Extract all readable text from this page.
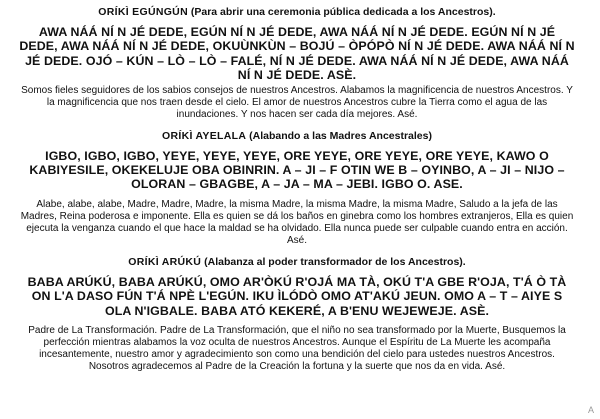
ORÍKÌ EGÚNGÚN (Para abrir una ceremonia pública dedicada a los Ancestros).
AWA NÁÁ NÍ N JÉ DEDE, EGÚN NÍ N JÉ DEDE, AWA NÁÁ NÍ N JÉ DEDE. EGÚN NÍ N JÉ DEDE, AWA NÁÁ NÍ N JÉ DEDE, OKUÙNKÙN – BOJÚ – ÒPÓPÒ NÍ N JÉ DEDE. AWA NÁÁ NÍ N JÉ DEDE. OJÓ – KÚN – LÒ – LÒ – FALÉ, NÍ N JÉ DEDE. AWA NÁÁ NÍ N JÉ DEDE, AWA NÁÁ NÍ N JÉ DEDE. ASÈ.
Somos fieles seguidores de los sabios consejos de nuestros Ancestros. Alabamos la magnificencia de nuestros Ancestros. Y la magnificencia que nos traen desde el cielo. El amor de nuestros Ancestros cubre la Tierra como el agua de las inundaciones. Y nos hacen ser cada día mejores. Asé.
ORÍKÌ AYELALA (Alabando a las Madres Ancestrales)
IGBO, IGBO, IGBO, YEYE, YEYE, YEYE, ORE YEYE, ORE YEYE, ORE YEYE, KAWO O KABIYESILE, OKEKELUJE OBA OBINRIN. A – JI – F OTIN WE B – OYINBO, A – JI – NIJO – OLORAN – GBAGBE, A – JA – MA – JEBI. IGBO O. ASE.
Alabe, alabe, alabe, Madre, Madre, Madre, la misma Madre, la misma Madre, la misma Madre, Saludo a la jefa de las Madres, Reina poderosa e imponente. Ella es quien se dá los baños en ginebra como los hombres extranjeros, Ella es quien ejecuta la venganza cuando el que hace la maldad se ha olvidado. Ella nunca puede ser culpable cuando entra en acción. Asé.
ORÍKÌ ARÚKÚ (Alabanza al poder transformador de los Ancestros).
BABA ARÚKÚ, BABA ARÚKÚ, OMO AR'ÒKÚ R'OJÁ MA TÀ, OKÚ T'A GBE R'OJA, T'Á Ò TÀ ON L'A DASO FÚN T'Á NPÈ L'EGÚN. IKU ÌLÓDÒ OMO AT'AKÚ JEUN. OMO A – T – AIYE S OLA N'IGBALE. BABA ATÓ KEKERÉ, A B'ENU WEJEWEJE. ASÈ.
Padre de La Transformación. Padre de La Transformación, que el niño no sea transformado por la Muerte, Busquemos la perfección mientras alabamos la voz oculta de nuestros Ancestros. Aunque el Espíritu de La Muerte les acompaña incesantemente, nuestro amor y agradecimiento son como una bendición del cielo para ustedes nuestros Ancestros. Nosotros agradecemos al Padre de la Creación la fortuna y la suerte que nos da en vida. Asé.
A
